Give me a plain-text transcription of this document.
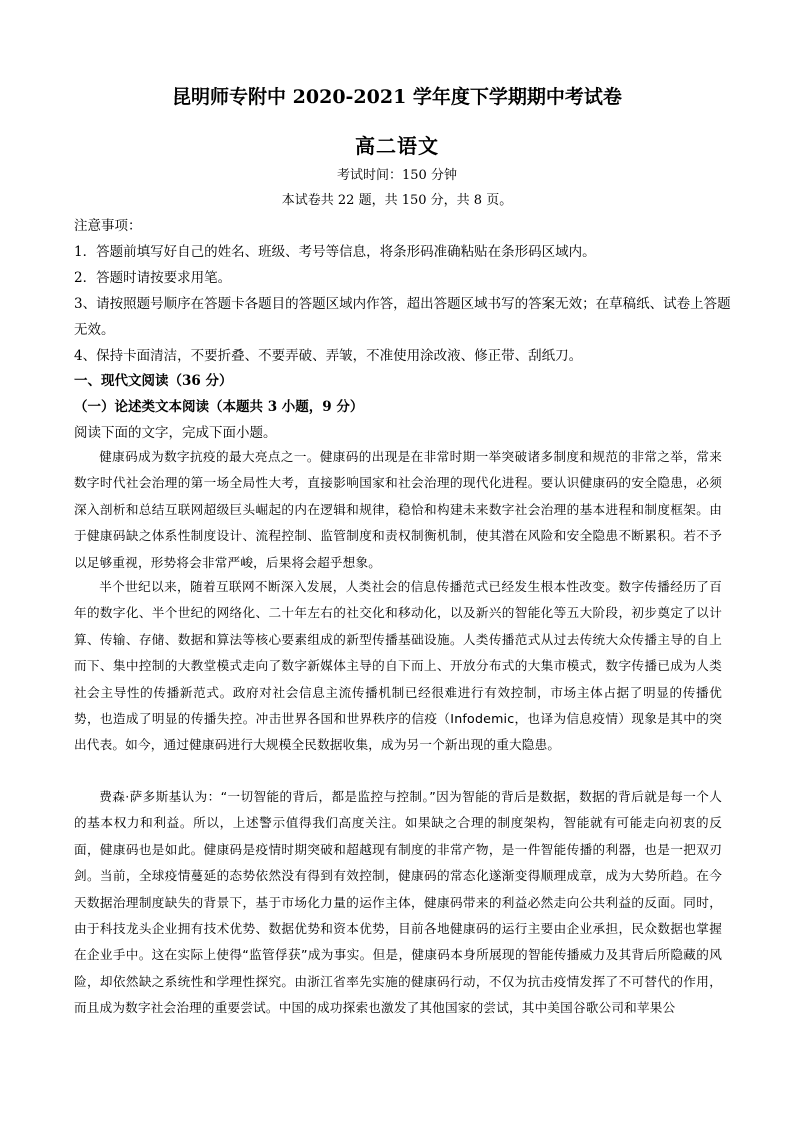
昆明师专附中 2020-2021 学年度下学期期中考试卷
高二语文
考试时间：150 分钟
本试卷共 22 题，共 150 分，共 8 页。
注意事项：
1．答题前填写好自己的姓名、班级、考号等信息，将条形码准确粘贴在条形码区域内。
2．答题时请按要求用笔。
3、请按照题号顺序在答题卡各题目的答题区域内作答，超出答题区域书写的答案无效；在草稿纸、试卷上答题无效。
4、保持卡面清洁，不要折叠、不要弄破、弄皱，不准使用涂改液、修正带、刮纸刀。
一、现代文阅读（36 分）
（一）论述类文本阅读（本题共 3 小题，9 分）
阅读下面的文字，完成下面小题。

健康码成为数字抗疫的最大亮点之一。健康码的出现是在非常时期一举突破诸多制度和规范的非常之举，常来数字时代社会治理的第一场全局性大考，直接影响国家和社会治理的现代化进程。要认识健康码的安全隐患，必须深入剖析和总结互联网超级巨头崛起的内在逻辑和规律，稳恰和构建未来数字社会治理的基本进程和制度框架。由于健康码缺之体系性制度设计、流程控制、监管制度和责权制衡机制，使其潜在风险和安全隐患不断累积。若不予以足够重视，形势将会非常严峻，后果将会超乎想象。

半个世纪以来，随着互联网不断深入发展，人类社会的信息传播范式已经发生根本性改变。数字传播经历了百年的数字化、半个世纪的网络化、二十年左右的社交化和移动化，以及新兴的智能化等五大阶段，初步奠定了以计算、传输、存储、数据和算法等核心要素组成的新型传播基础设施。人类传播范式从过去传统大众传播主导的自上而下、集中控制的大教堂模式走向了数字新媒体主导的自下而上、开放分布式的大集市模式，数字传播已成为人类社会主导性的传播新范式。政府对社会信息主流传播机制已经很难进行有效控制，市场主体占据了明显的传播优势，也造成了明显的传播失控。冲击世界各国和世界秩序的信疫（Infodemic，也译为信息疫情）现象是其中的突出代表。如今，通过健康码进行大规模全民数据收集，成为另一个新出现的重大隐患。

费森·萨多斯基认为：“一切智能的背后，都是监控与控制。”因为智能的背后是数据，数据的背后就是每一个人的基本权力和利益。所以，上述警示值得我们高度关注。如果缺之合理的制度架构，智能就有可能走向初衷的反面，健康码也是如此。健康码是疫情时期突破和超越现有制度的非常产物，是一件智能传播的利器，也是一把双刃剑。当前，全球疫情蔓延的态势依然没有得到有效控制，健康码的常态化遂渐变得顺理成章，成为大势所趋。在今天数据治理制度缺失的背景下，基于市场化力量的运作主体，健康码带来的利益必然走向公共利益的反面。同时，由于科技龙头企业拥有技术优势、数据优势和资本优势，目前各地健康码的运行主要由企业承担，民众数据也掌握在企业手中。这在实际上使得“监管俘获”成为事实。但是，健康码本身所展现的智能传播威力及其背后所隐藏的风险，却依然缺之系统性和学理性探究。由浙江省率先实施的健康码行动，不仅为抗击疫情发挥了不可替代的作用，而且成为数字社会治理的重要尝试。中国的成功探索也激发了其他国家的尝试，其中美国谷歌公司和苹果公
